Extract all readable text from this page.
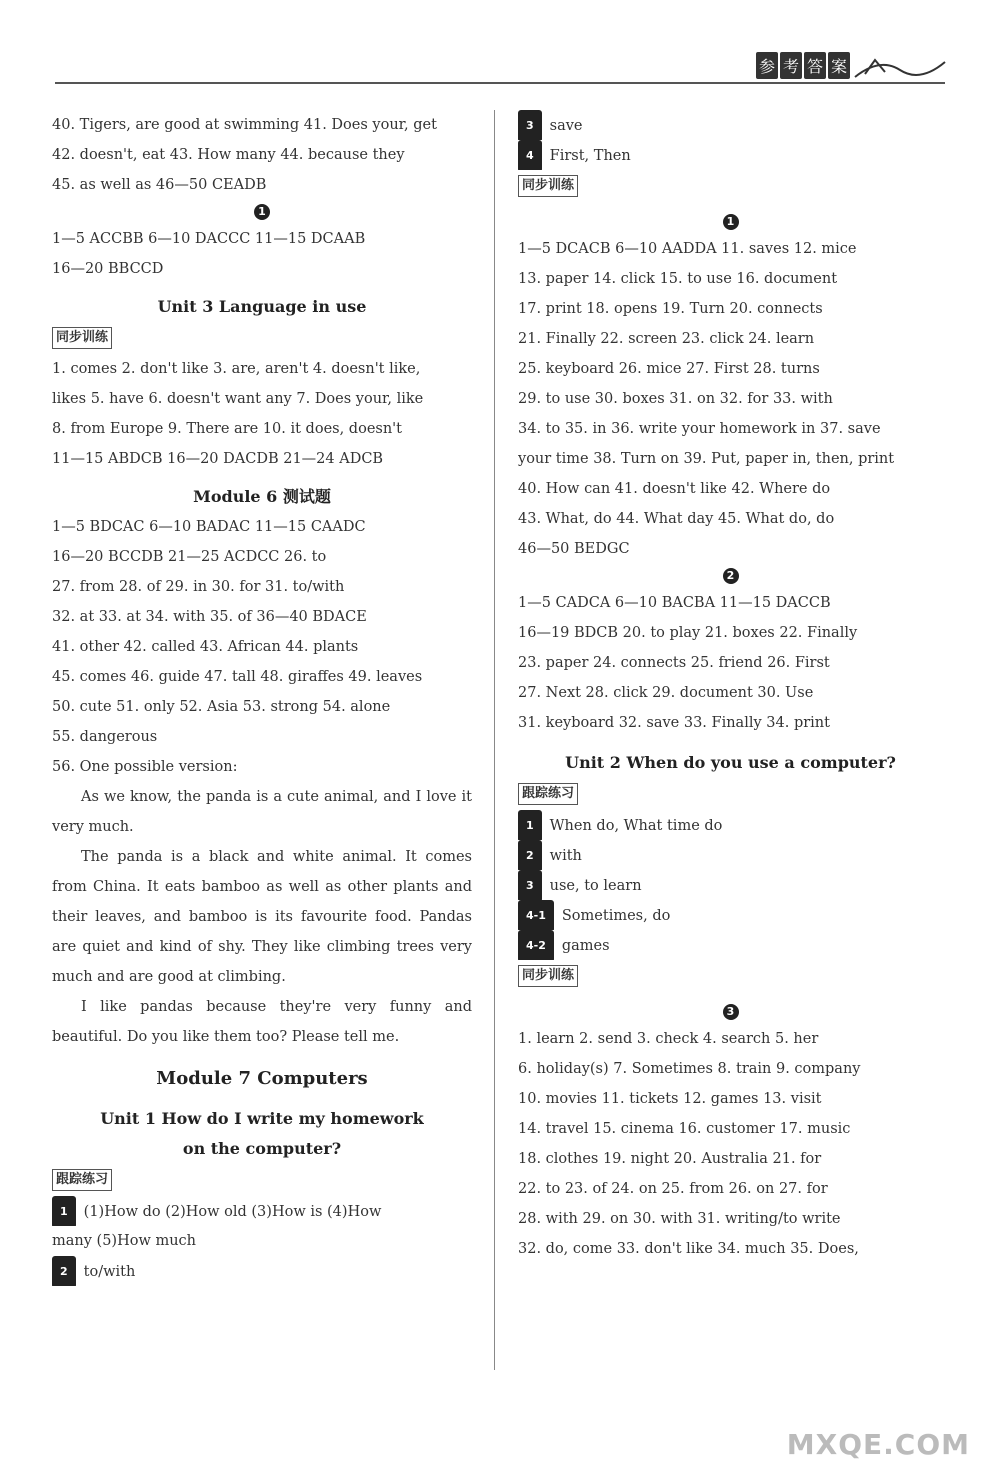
参 考 答 案
40. Tigers, are good at swimming 41. Does your, get
42. doesn't, eat 43. How many 44. because they
45. as well as 46—50 CEADB
1
1—5 ACCBB 6—10 DACCC 11—15 DCAAB
16—20 BBCCD
Unit 3 Language in use
同步训练
1. comes 2. don't like 3. are, aren't 4. doesn't like,
likes 5. have 6. doesn't want any 7. Does your, like
8. from Europe 9. There are 10. it does, doesn't
11—15 ABDCB 16—20 DACDB 21—24 ADCB
Module 6 测试题
1—5 BDCAC 6—10 BADAC 11—15 CAADC
16—20 BCCDB 21—25 ACDCC 26. to
27. from 28. of 29. in 30. for 31. to/with
32. at 33. at 34. with 35. of 36—40 BDACE
41. other 42. called 43. African 44. plants
45. comes 46. guide 47. tall 48. giraffes 49. leaves
50. cute 51. only 52. Asia 53. strong 54. alone
55. dangerous
56. One possible version:
As we know, the panda is a cute animal, and I love it very much.
The panda is a black and white animal. It comes from China. It eats bamboo as well as other plants and their leaves, and bamboo is its favourite food. Pandas are quiet and kind of shy. They like climbing trees very much and are good at climbing.
I like pandas because they're very funny and beautiful. Do you like them too? Please tell me.
Module 7 Computers
Unit 1 How do I write my homework
on the computer?
跟踪练习
1 (1)How do (2)How old (3)How is (4)How
many (5)How much
2 to/with
3 save
4 First, Then
同步训练
1
1—5 DCACB 6—10 AADDA 11. saves 12. mice
13. paper 14. click 15. to use 16. document
17. print 18. opens 19. Turn 20. connects
21. Finally 22. screen 23. click 24. learn
25. keyboard 26. mice 27. First 28. turns
29. to use 30. boxes 31. on 32. for 33. with
34. to 35. in 36. write your homework in 37. save
your time 38. Turn on 39. Put, paper in, then, print
40. How can 41. doesn't like 42. Where do
43. What, do 44. What day 45. What do, do
46—50 BEDGC
2
1—5 CADCA 6—10 BACBA 11—15 DACCB
16—19 BDCB 20. to play 21. boxes 22. Finally
23. paper 24. connects 25. friend 26. First
27. Next 28. click 29. document 30. Use
31. keyboard 32. save 33. Finally 34. print
Unit 2 When do you use a computer?
跟踪练习
1 When do, What time do
2 with
3 use, to learn
4-1 Sometimes, do
4-2 games
同步训练
3
1. learn 2. send 3. check 4. search 5. her
6. holiday(s) 7. Sometimes 8. train 9. company
10. movies 11. tickets 12. games 13. visit
14. travel 15. cinema 16. customer 17. music
18. clothes 19. night 20. Australia 21. for
22. to 23. of 24. on 25. from 26. on 27. for
28. with 29. on 30. with 31. writing/to write
32. do, come 33. don't like 34. much 35. Does,
MXQE.COM
